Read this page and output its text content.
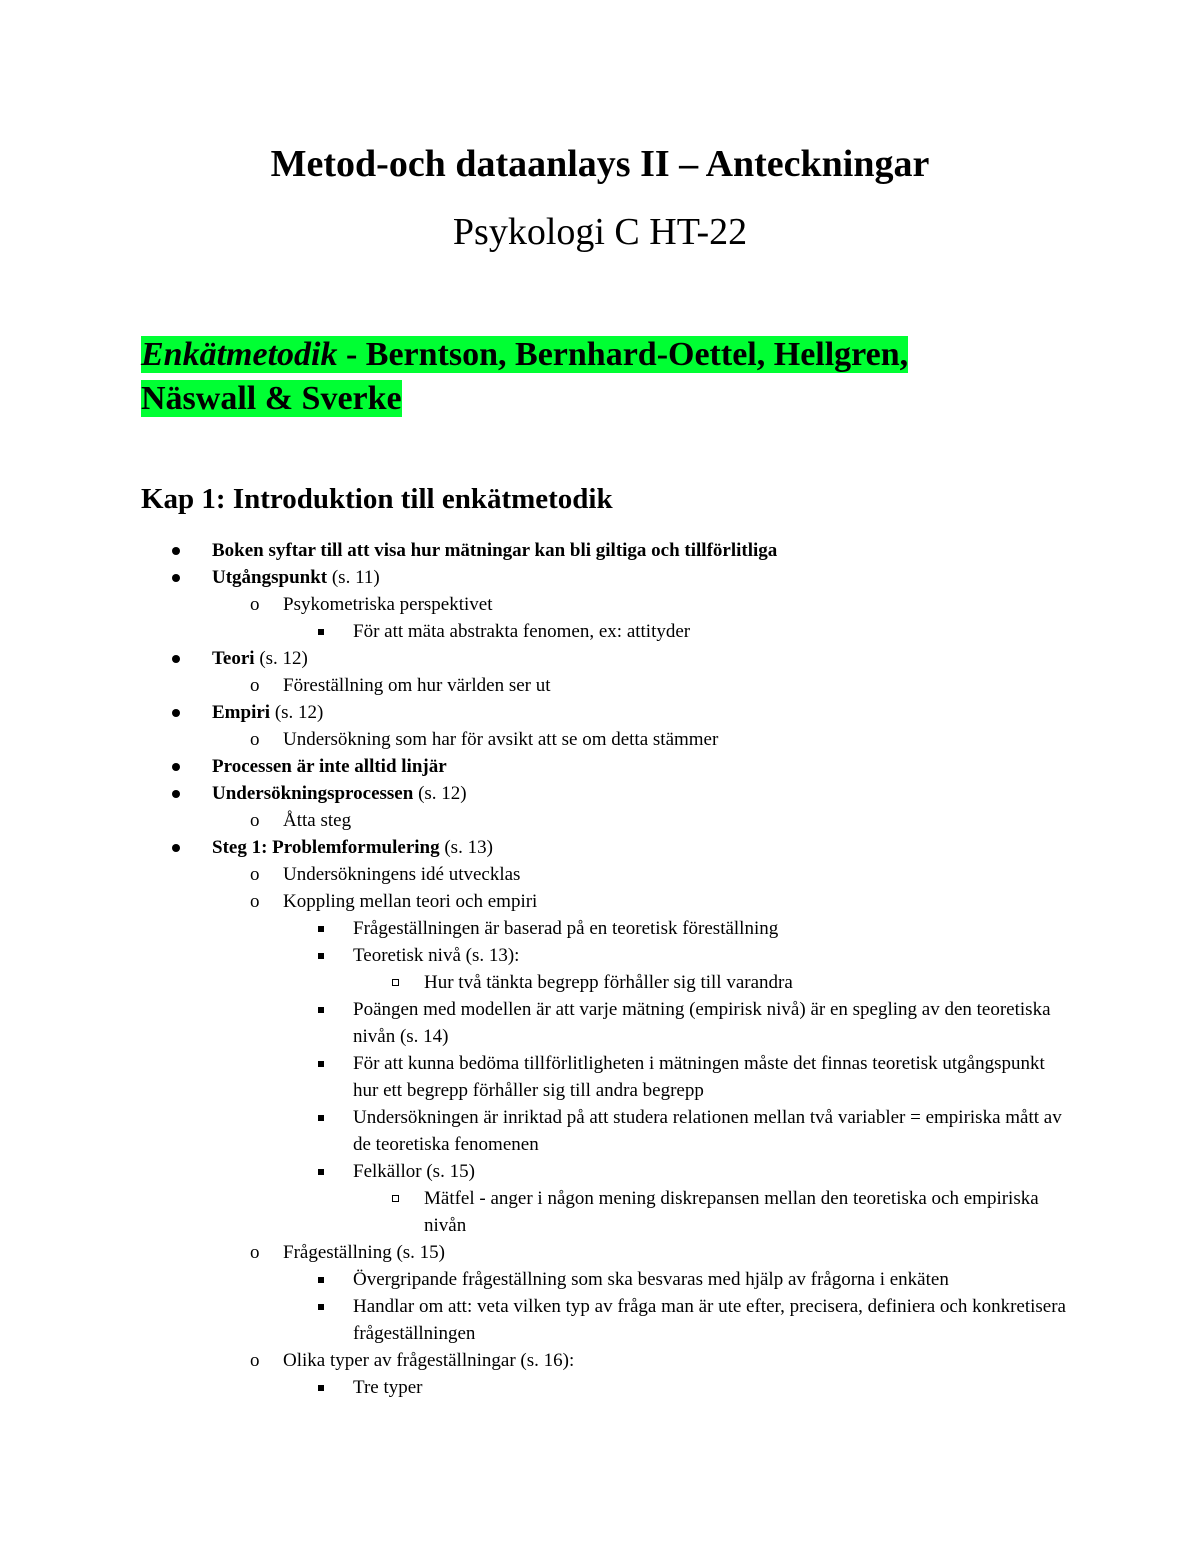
Metod-och dataanlays II – Anteckningar
Psykologi C HT-22
Enkätmetodik - Berntson, Bernhard-Oettel, Hellgren, Näswall & Sverke
Kap 1: Introduktion till enkätmetodik
Boken syftar till att visa hur mätningar kan bli giltiga och tillförlitliga
Utgångspunkt (s. 11)
o Psykometriska perspektivet
För att mäta abstrakta fenomen, ex: attityder
Teori (s. 12)
o Föreställning om hur världen ser ut
Empiri (s. 12)
o Undersökning som har för avsikt att se om detta stämmer
Processen är inte alltid linjär
Undersökningsprocessen (s. 12)
o Åtta steg
Steg 1: Problemformulering (s. 13)
o Undersökningens idé utvecklas
o Koppling mellan teori och empiri
Frågeställningen är baserad på en teoretisk föreställning
Teoretisk nivå (s. 13):
Hur två tänkta begrepp förhåller sig till varandra
Poängen med modellen är att varje mätning (empirisk nivå) är en spegling av den teoretiska nivån (s. 14)
För att kunna bedöma tillförlitligheten i mätningen måste det finnas teoretisk utgångspunkt hur ett begrepp förhåller sig till andra begrepp
Undersökningen är inriktad på att studera relationen mellan två variabler = empiriska mått av de teoretiska fenomenen
Felkällor (s. 15)
Mätfel - anger i någon mening diskrepansen mellan den teoretiska och empiriska nivån
o Frågeställning (s. 15)
Övergripande frågeställning som ska besvaras med hjälp av frågorna i enkäten
Handlar om att: veta vilken typ av fråga man är ute efter, precisera, definiera och konkretisera frågeställningen
o Olika typer av frågeställningar (s. 16):
Tre typer
